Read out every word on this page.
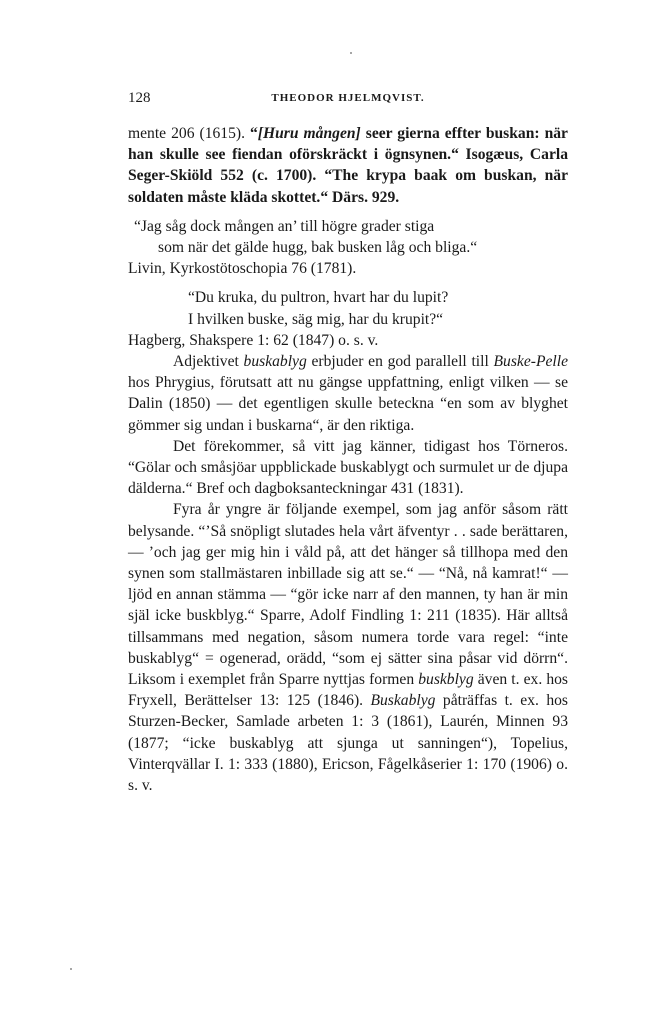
128	THEODOR HJELMQVIST.

mente 206 (1615). “[Huru mången] seer gierna effter buskan: när han skulle see fiendan oförskräckt i ögnsynen.“ Isogæus, Carla Seger-Skiöld 552 (c. 1700). “The krypa baak om buskan, när soldaten måste kläda skottet.“ Därs. 929.

“Jag såg dock mången an’ till högre grader stiga
som när det gälde hugg, bak busken låg och bliga.“
Livin, Kyrkostötoschopia 76 (1781).
“Du kruka, du pultron, hvart har du lupit?
I hvilken buske, säg mig, har du krupit?“
Hagberg, Shakspere 1: 62 (1847) o. s. v.

Adjektivet buskablyg erbjuder en god parallell till Buske-Pelle hos Phrygius, förutsatt att nu gängse uppfattning, enligt vilken — se Dalin (1850) — det egentligen skulle beteckna “en som av blyghet gömmer sig undan i buskarna“, är den riktiga.

Det förekommer, så vitt jag känner, tidigast hos Törneros. “Gölar och småsjöar uppblickade buskablygt och surmulet ur de djupa dälderna.“ Bref och dagboksanteckningar 431 (1831).

Fyra år yngre är följande exempel, som jag anför såsom rätt belysande. “’Så snöpligt slutades hela vårt äfventyr . . sade berättaren, — ’och jag ger mig hin i våld på, att det hänger så tillhopa med den synen som stallmästaren inbillade sig att se.“ — “Nå, nå kamrat!“ — ljöd en annan stämma — “gör icke narr af den mannen, ty han är min själ icke buskblyg.“ Sparre, Adolf Findling 1: 211 (1835). Här alltså tillsammans med negation, såsom numera torde vara regel: “inte buskablyg“ = ogenerad, orädd, “som ej sätter sina påsar vid dörrn“. Liksom i exemplet från Sparre nyttjas formen buskblyg även t. ex. hos Fryxell, Berättelser 13: 125 (1846). Buskablyg påträffas t. ex. hos Sturzen-Becker, Samlade arbeten 1: 3 (1861), Laurén, Minnen 93 (1877; “icke buskablyg att sjunga ut sanningen“), Topelius, Vinterqvällar I. 1: 333 (1880), Ericson, Fågelkåserier 1: 170 (1906) o. s. v.
